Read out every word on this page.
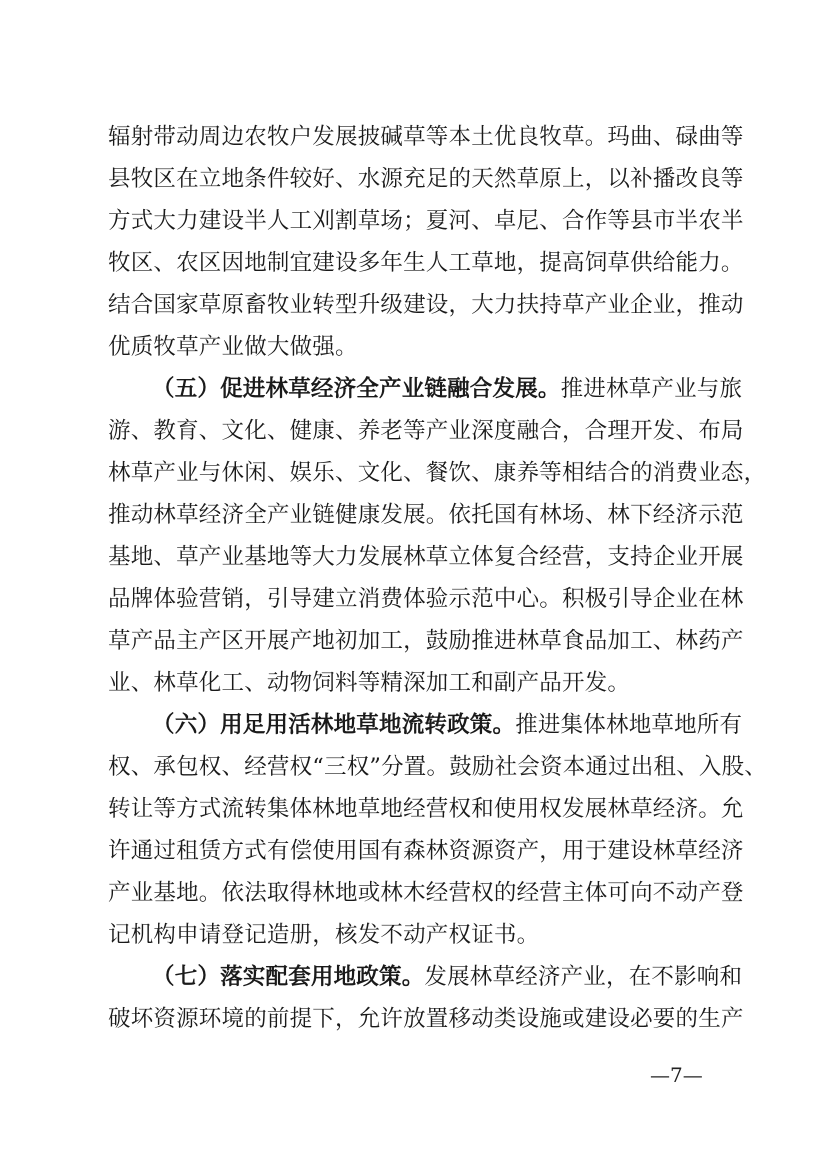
辐射带动周边农牧户发展披碱草等本土优良牧草。玛曲、碌曲等
县牧区在立地条件较好、水源充足的天然草原上，以补播改良等
方式大力建设半人工刈割草场；夏河、卓尼、合作等县市半农半
牧区、农区因地制宜建设多年生人工草地，提高饲草供给能力。
结合国家草原畜牧业转型升级建设，大力扶持草产业企业，推动
优质牧草产业做大做强。
（五）促进林草经济全产业链融合发展。推进林草产业与旅
游、教育、文化、健康、养老等产业深度融合，合理开发、布局
林草产业与休闲、娱乐、文化、餐饮、康养等相结合的消费业态，
推动林草经济全产业链健康发展。依托国有林场、林下经济示范
基地、草产业基地等大力发展林草立体复合经营，支持企业开展
品牌体验营销，引导建立消费体验示范中心。积极引导企业在林
草产品主产区开展产地初加工，鼓励推进林草食品加工、林药产
业、林草化工、动物饲料等精深加工和副产品开发。
（六）用足用活林地草地流转政策。推进集体林地草地所有
权、承包权、经营权“三权”分置。鼓励社会资本通过出租、入股、
转让等方式流转集体林地草地经营权和使用权发展林草经济。允
许通过租赁方式有偿使用国有森林资源资产，用于建设林草经济
产业基地。依法取得林地或林木经营权的经营主体可向不动产登
记机构申请登记造册，核发不动产权证书。
（七）落实配套用地政策。发展林草经济产业，在不影响和
破坏资源环境的前提下，允许放置移动类设施或建设必要的生产
—7—
